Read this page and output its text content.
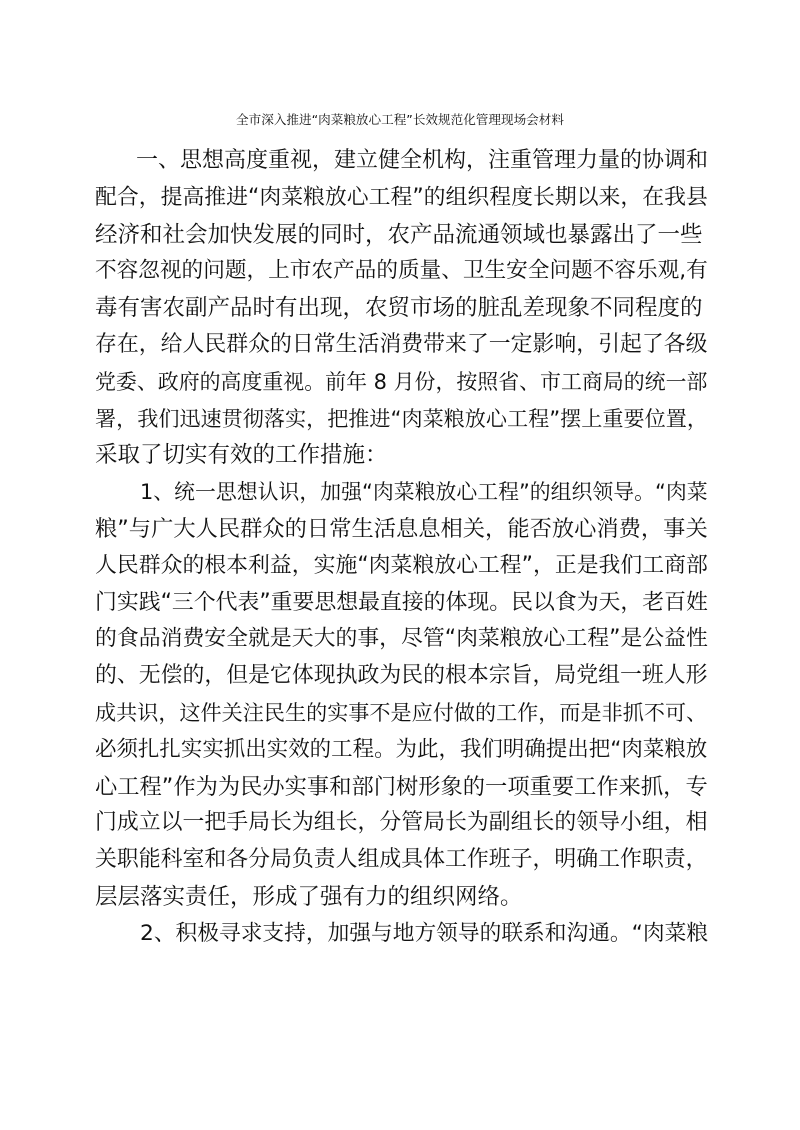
全市深入推进“肉菜粮放心工程”长效规范化管理现场会材料

一、思想高度重视，建立健全机构，注重管理力量的协调和

配合，提高推进“肉菜粮放心工程”的组织程度长期以来，在我县

经济和社会加快发展的同时，农产品流通领域也暴露出了一些

不容忽视的问题，上市农产品的质量、卫生安全问题不容乐观,有

毒有害农副产品时有出现，农贸市场的脏乱差现象不同程度的

存在，给人民群众的日常生活消费带来了一定影响，引起了各级

党委、政府的高度重视。前年 8 月份，按照省、市工商局的统一部

署，我们迅速贯彻落实，把推进“肉菜粮放心工程”摆上重要位置，

采取了切实有效的工作措施：

1、统一思想认识，加强“肉菜粮放心工程”的组织领导。“肉菜

粮”与广大人民群众的日常生活息息相关，能否放心消费，事关

人民群众的根本利益，实施“肉菜粮放心工程”，正是我们工商部

门实践“三个代表”重要思想最直接的体现。民以食为天，老百姓

的食品消费安全就是天大的事，尽管“肉菜粮放心工程”是公益性

的、无偿的，但是它体现执政为民的根本宗旨，局党组一班人形

成共识，这件关注民生的实事不是应付做的工作，而是非抓不可、

必须扎扎实实抓出实效的工程。为此，我们明确提出把“肉菜粮放

心工程”作为为民办实事和部门树形象的一项重要工作来抓，专

门成立以一把手局长为组长，分管局长为副组长的领导小组，相

关职能科室和各分局负责人组成具体工作班子，明确工作职责，

层层落实责任，形成了强有力的组织网络。

2、积极寻求支持，加强与地方领导的联系和沟通。“肉菜粮
